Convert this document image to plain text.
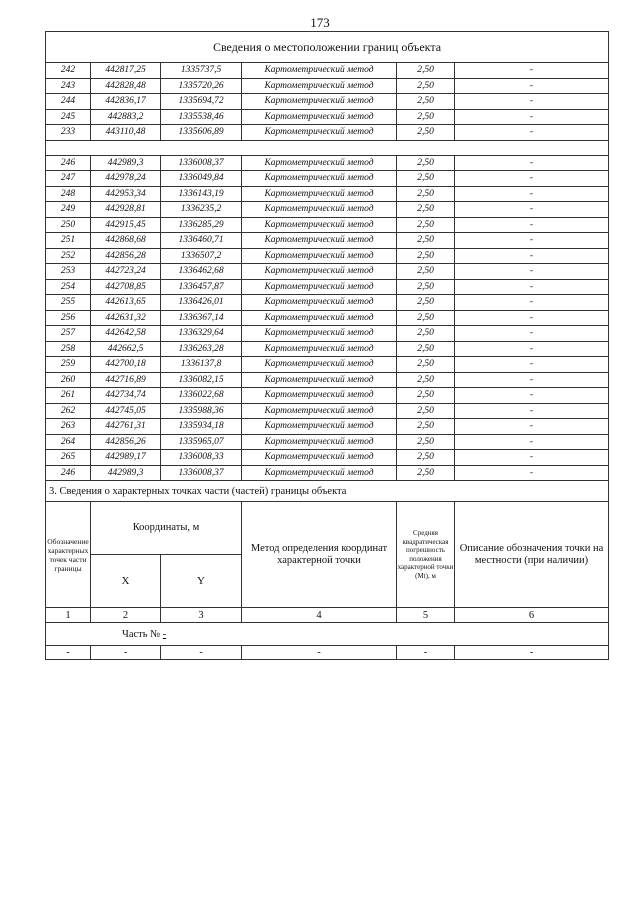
173
Сведения о местоположении границ объекта					
242	442817,25	1335737,5	Картометрический метод	2,50	-
243	442828,48	1335720,26	Картометрический метод	2,50	-
244	442836,17	1335694,72	Картометрический метод	2,50	-
245	442883,2	1335538,46	Картометрический метод	2,50	-
233	443110,48	1335606,89	Картометрический метод	2,50	-

246	442989,3	1336008,37	Картометрический метод	2,50	-
247	442978,24	1336049,84	Картометрический метод	2,50	-
248	442953,34	1336143,19	Картометрический метод	2,50	-
249	442928,81	1336235,2	Картометрический метод	2,50	-
250	442915,45	1336285,29	Картометрический метод	2,50	-
251	442868,68	1336460,71	Картометрический метод	2,50	-
252	442856,28	1336507,2	Картометрический метод	2,50	-
253	442723,24	1336462,68	Картометрический метод	2,50	-
254	442708,85	1336457,87	Картометрический метод	2,50	-
255	442613,65	1336426,01	Картометрический метод	2,50	-
256	442631,32	1336367,14	Картометрический метод	2,50	-
257	442642,58	1336329,64	Картометрический метод	2,50	-
258	442662,5	1336263,28	Картометрический метод	2,50	-
259	442700,18	1336137,8	Картометрический метод	2,50	-
260	442716,89	1336082,15	Картометрический метод	2,50	-
261	442734,74	1336022,68	Картометрический метод	2,50	-
262	442745,05	1335988,36	Картометрический метод	2,50	-
263	442761,31	1335934,18	Картометрический метод	2,50	-
264	442856,26	1335965,07	Картометрический метод	2,50	-
265	442989,17	1336008,33	Картометрический метод	2,50	-
246	442989,3	1336008,37	Картометрический метод	2,50	-
3. Сведения о характерных точках части (частей) границы объекта					
Обозначение характерных точек части границы	Координаты, м		Метод определения координат характерной точки	Средняя квадратическая погрешность положения характерной точки (Mt), м	Описание обозначения точки на местности (при наличии)
	X	Y			
1	2	3	4	5	6
Часть № -					
-	-	-	-	-	-
